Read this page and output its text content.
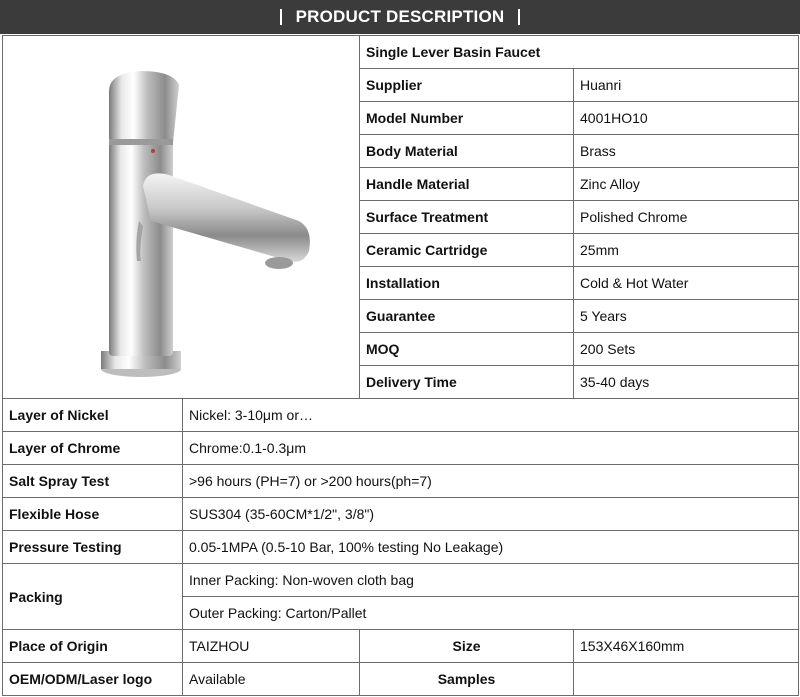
PRODUCT DESCRIPTION
	Single Lever Basin Faucet	
		Supplier	Huanri
		Model Number	4001HO10
		Body Material	Brass
		Handle Material	Zinc Alloy
		Surface Treatment	Polished Chrome
		Ceramic Cartridge	25mm
		Installation	Cold & Hot Water
		Guarantee	5 Years
		MOQ	200 Sets
		Delivery Time	35-40 days
Layer of Nickel	Nickel: 3-10μm or…		
Layer of Chrome	Chrome:0.1-0.3μm		
Salt Spray Test	>96 hours (PH=7) or >200 hours(ph=7)		
Flexible Hose	SUS304 (35-60CM*1/2", 3/8")		
Pressure Testing	0.05-1MPA (0.5-10 Bar, 100% testing No Leakage)		
Packing	Inner Packing: Non-woven cloth bag		
	Outer Packing: Carton/Pallet		
Place of Origin	TAIZHOU	Size	153X46X160mm
OEM/ODM/Laser logo	Available	Samples	
